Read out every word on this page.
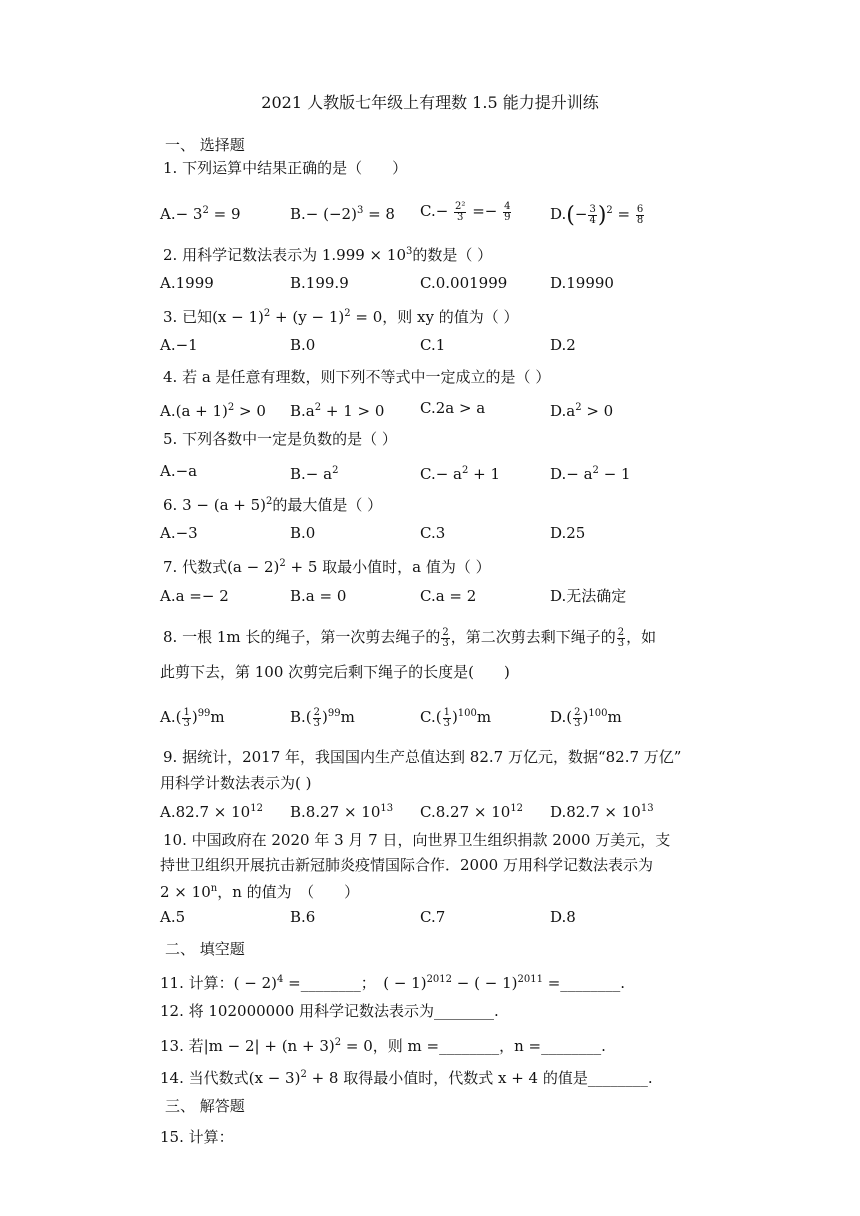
2021 人教版七年级上有理数 1.5 能力提升训练
一、 选择题
1. 下列运算中结果正确的是（　　）
$A.- 3^2 = 9$	$B.- (-2)^3 = 8$ $C.- \frac{\text{2²}}{3} =- \frac{4}{9}$	$D.(- \frac{3}{4} )^2 = \frac{6}{8}$
2. 用科学记数法表示为 $1.999 \times 10^3$的数是（ ）
A.1999	B.199.9	C.0.001999	D.19990
3. 已知$(x - 1)^2 + (y - 1)^2 = 0$，则 xy 的值为（ ）
A.−1	B.0	C.1	D.2
4. 若 a 是任意有理数，则下列不等式中一定成立的是（ ）
$A.(a + 1)^2 > 0$ $B.a^2 + 1 > 0$ C.2a > a	$D.a^2 > 0$
5. 下列各数中一定是负数的是（ ）
A.−a	$B.- a^2$	$C.- a^2 + 1$	$D.- a^2 - 1$
6. $3 - (a + 5)^2$的最大值是（ ）
A.−3	B.0	C.3	D.25
7. 代数式$(a - 2)^2 + 5$ 取最小值时，a 值为（ ）
A.a =− 2	B.a = 0	C.a = 2	D.无法确定
8. 一根 1m 长的绳子，第一次剪去绳子的 $\frac{2}{3}$ ，第二次剪去剩下绳子的 $\frac{2}{3}$ ，如
此剪下去，第 100 次剪完后剩下绳子的长度是(　　)
$A.( \frac{1}{3} )^{99}m$	$B.( \frac{2}{3} )^{99}m$	$C.( \frac{1}{3} )^{100}m$	$D.( \frac{2}{3} )^{100}m$
9. 据统计，2017 年，我国国内生产总值达到 82.7 万亿元，数据“82.7 万亿”
用科学计数法表示为( )
$A.82.7 \times 10^{12}$ $B.8.27 \times 10^{13}$ $C.8.27 \times 10^{12}$ $D.82.7 \times 10^{13}$
10. 中国政府在 2020 年 3 月 7 日，向世界卫生组织捐款 2000 万美元，支
持世卫组织开展抗击新冠肺炎疫情国际合作．2000 万用科学记数法表示为
$2 \times 10^n$，n 的值为　（　　）
A.5	B.6	C.7	D.8
二、 填空题
11. 计算：( − 2)$^4$ =________；　( − 1)$^{2012}$ − ( − 1)$^{2011}$ =________.
12. 将 102000000 用科学记数法表示为________.
13. 若$|m - 2| + (n + 3)^2 = 0$，则 m =________，n =________.
14. 当代数式$(x - 3)^2 + 8$ 取得最小值时，代数式 x + 4 的值是________.
三、 解答题
15. 计算：
